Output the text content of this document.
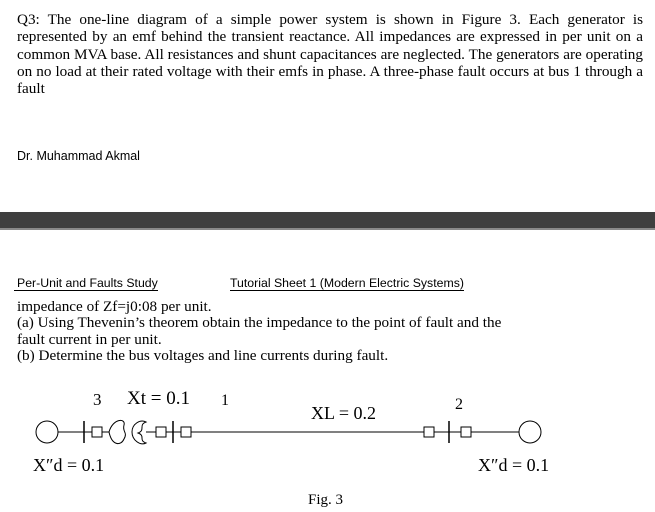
Q3: The one-line diagram of a simple power system is shown in Figure 3. Each generator is represented by an emf behind the transient reactance. All impedances are expressed in per unit on a common MVA base. All resistances and shunt capacitances are neglected. The generators are operating on no load at their rated voltage with their emfs in phase. A three-phase fault occurs at bus 1 through a fault
Dr. Muhammad Akmal
Per-Unit and Faults Study	Tutorial Sheet 1 (Modern Electric Systems)
impedance of Zf=j0:08 per unit.
(a) Using Thevenin’s theorem obtain the impedance to the point of fault and the
fault current in per unit.
(b) Determine the bus voltages and line currents during fault.
3 Xt = 0.1 1
XL = 0.2	2
X″d = 0.1	X″d = 0.1
Fig. 3
